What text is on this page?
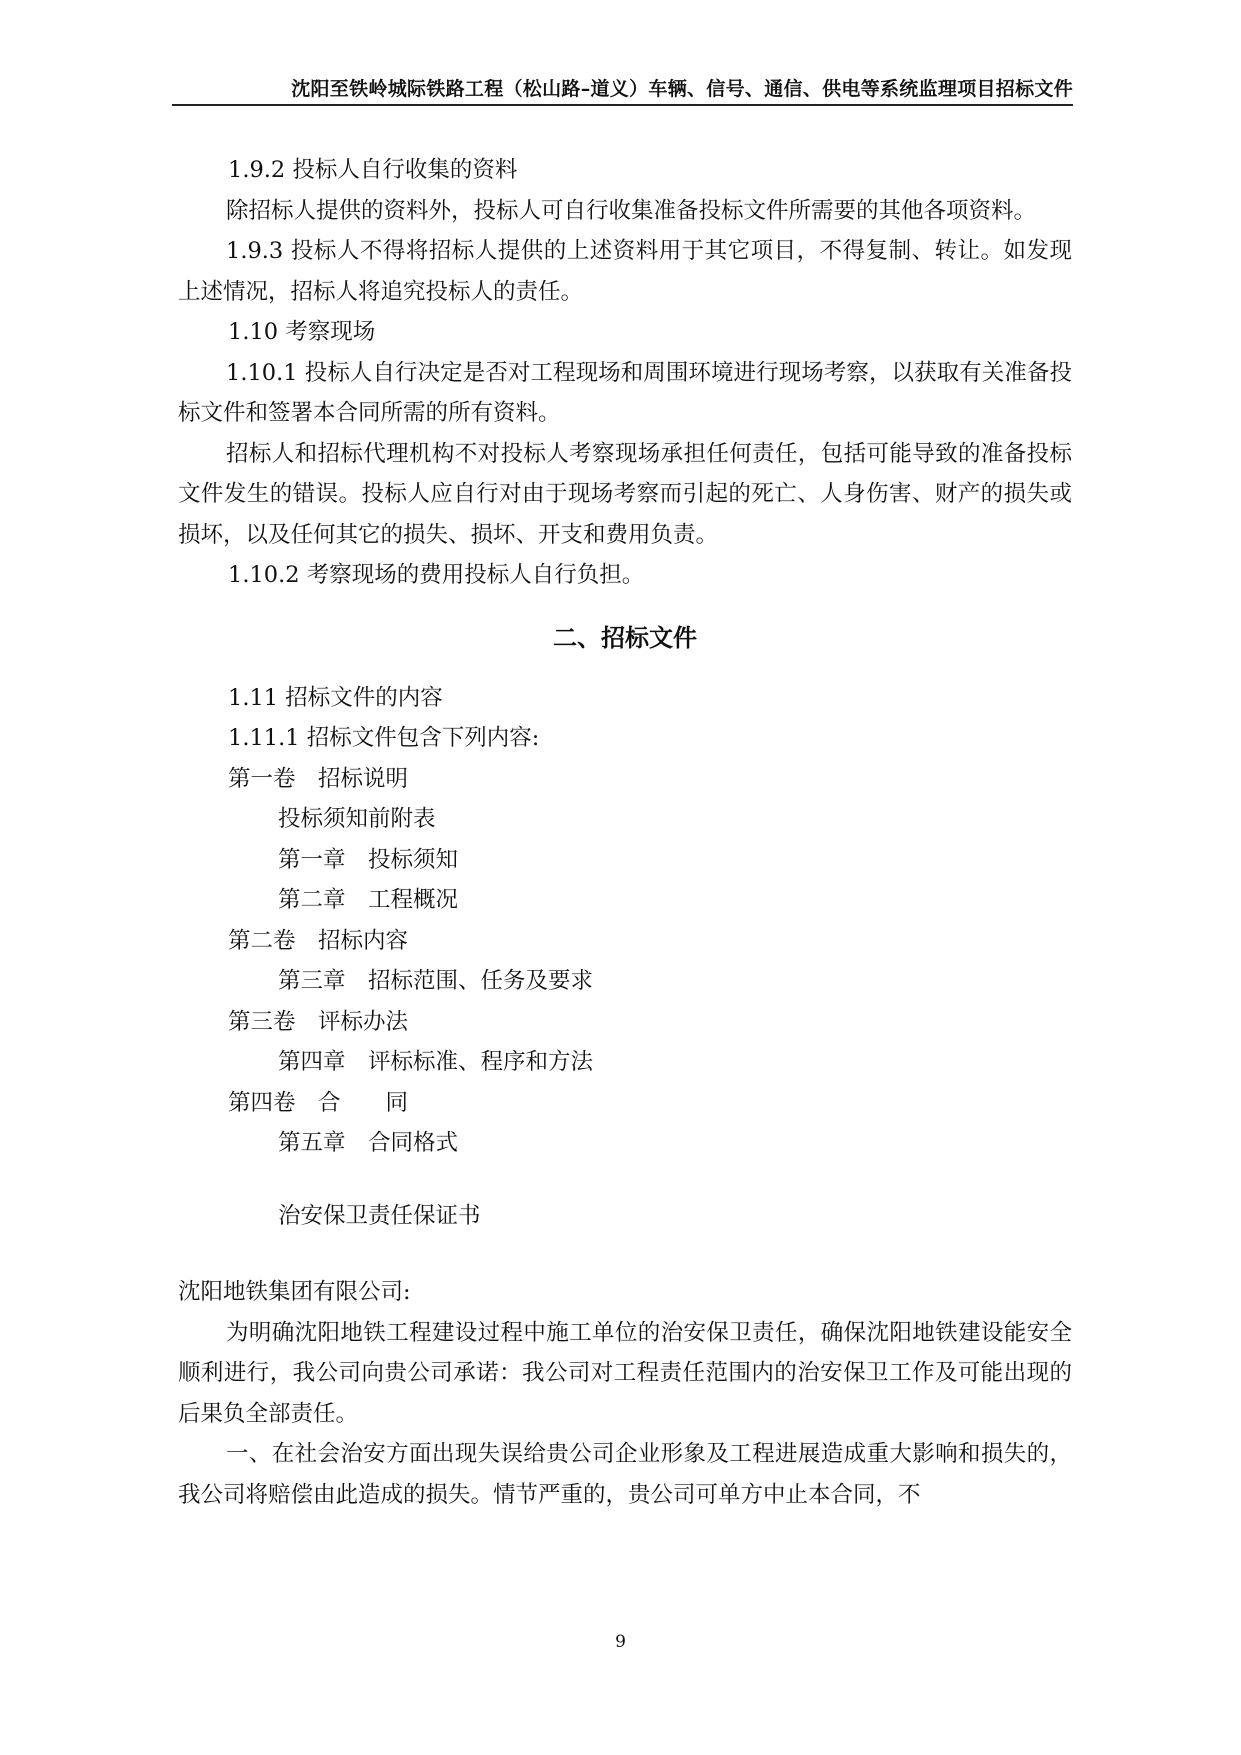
沈阳至铁岭城际铁路工程（松山路–道义）车辆、信号、通信、供电等系统监理项目招标文件
1.9.2 投标人自行收集的资料
除招标人提供的资料外，投标人可自行收集准备投标文件所需要的其他各项资料。
1.9.3 投标人不得将招标人提供的上述资料用于其它项目，不得复制、转让。如发现上述情况，招标人将追究投标人的责任。
1.10 考察现场
1.10.1 投标人自行决定是否对工程现场和周围环境进行现场考察，以获取有关准备投标文件和签署本合同所需的所有资料。
招标人和招标代理机构不对投标人考察现场承担任何责任，包括可能导致的准备投标文件发生的错误。投标人应自行对由于现场考察而引起的死亡、人身伤害、财产的损失或损坏，以及任何其它的损失、损坏、开支和费用负责。
1.10.2 考察现场的费用投标人自行负担。
二、招标文件
1.11 招标文件的内容
1.11.1 招标文件包含下列内容:
第一卷　招标说明
投标须知前附表
第一章　投标须知
第二章　工程概况
第二卷　招标内容
第三章　招标范围、任务及要求
第三卷　评标办法
第四章　评标标准、程序和方法
第四卷　合　　同
第五章　合同格式
治安保卫责任保证书
沈阳地铁集团有限公司:
为明确沈阳地铁工程建设过程中施工单位的治安保卫责任，确保沈阳地铁建设能安全顺利进行，我公司向贵公司承诺：我公司对工程责任范围内的治安保卫工作及可能出现的后果负全部责任。
一、在社会治安方面出现失误给贵公司企业形象及工程进展造成重大影响和损失的，我公司将赔偿由此造成的损失。情节严重的，贵公司可单方中止本合同，不
9
